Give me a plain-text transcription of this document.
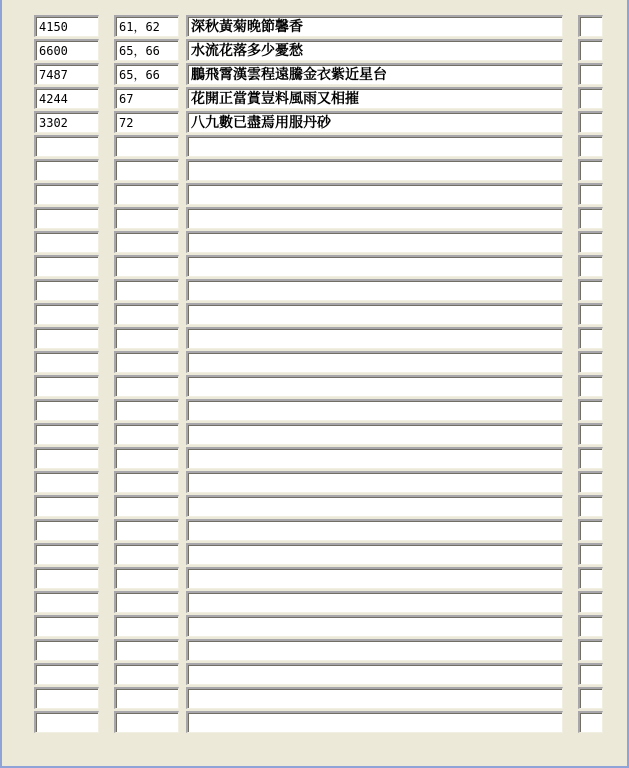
4150	61，62	深秋黃菊晚節馨香
6600	65，66	水流花落多少憂愁
7487	65，66	鵬飛霄漢雲程遠騰金衣紫近星台
4244	67	花開正當賞豈料風雨又相摧
3302	72	八九數已盡焉用服丹砂
